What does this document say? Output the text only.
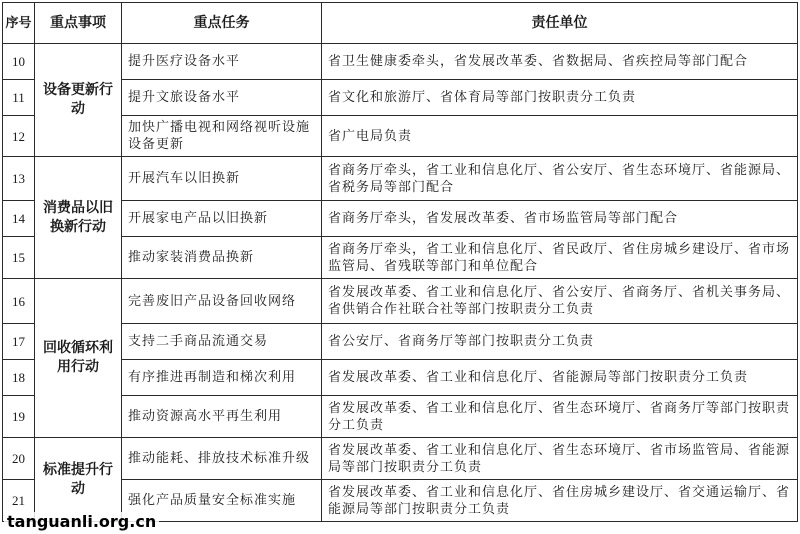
序号	重点事项	重点任务	责任单位
10	设备更新行动	提升医疗设备水平	省卫生健康委牵头，省发展改革委、省数据局、省疾控局等部门配合
11		提升文旅设备水平	省文化和旅游厅、省体育局等部门按职责分工负责
12		加快广播电视和网络视听设施设备更新	省广电局负责
13	消费品以旧换新行动	开展汽车以旧换新	省商务厅牵头，省工业和信息化厅、省公安厅、省生态环境厅、省能源局、省税务局等部门配合
14		开展家电产品以旧换新	省商务厅牵头，省发展改革委、省市场监管局等部门配合
15		推动家装消费品换新	省商务厅牵头，省工业和信息化厅、省民政厅、省住房城乡建设厅、省市场监管局、省残联等部门和单位配合
16	回收循环利用行动	完善废旧产品设备回收网络	省发展改革委、省工业和信息化厅、省公安厅、省商务厅、省机关事务局、省供销合作社联合社等部门按职责分工负责
17		支持二手商品流通交易	省公安厅、省商务厅等部门按职责分工负责
18		有序推进再制造和梯次利用	省发展改革委、省工业和信息化厅、省能源局等部门按职责分工负责
19		推动资源高水平再生利用	省发展改革委、省工业和信息化厅、省生态环境厅、省商务厅等部门按职责分工负责
20	标准提升行动	推动能耗、排放技术标准升级	省发展改革委、省工业和信息化厅、省生态环境厅、省市场监管局、省能源局等部门按职责分工负责
21		强化产品质量安全标准实施	省发展改革委、省工业和信息化厅、省住房城乡建设厅、省交通运输厅、省能源局等部门按职责分工负责
tanguanli.org.cn
